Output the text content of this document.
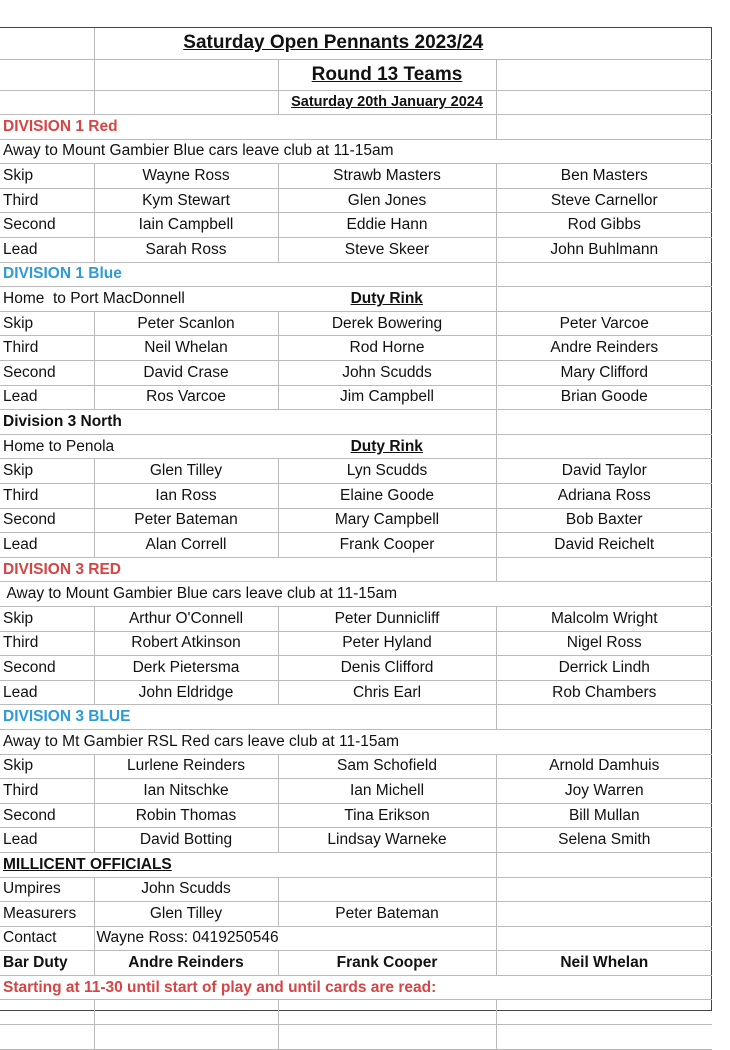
	Saturday Open Pennants 2023/24		
		Round 13 Teams	
		Saturday 20th January 2024	
DIVISION 1 Red			
Away to Mount Gambier Blue cars leave club at 11-15am			
Skip	Wayne Ross	Strawb Masters	Ben Masters
Third	Kym Stewart	Glen Jones	Steve Carnellor
Second	Iain Campbell	Eddie Hann	Rod Gibbs
Lead	Sarah Ross	Steve Skeer	John Buhlmann
DIVISION 1 Blue			
Home  to Port MacDonnell		Duty Rink	
Skip	Peter Scanlon	Derek Bowering	Peter Varcoe
Third	Neil Whelan	Rod Horne	Andre Reinders
Second	David Crase	John Scudds	Mary Clifford
Lead	Ros Varcoe	Jim Campbell	Brian Goode
Division 3 North			
Home to Penola		Duty Rink	
Skip	Glen Tilley	Lyn Scudds	David Taylor
Third	Ian Ross	Elaine Goode	Adriana Ross
Second	Peter Bateman	Mary Campbell	Bob Baxter
Lead	Alan Correll	Frank Cooper	David Reichelt
DIVISION 3 RED			
Away to Mount Gambier Blue cars leave club at 11-15am			
Skip	Arthur O'Connell	Peter Dunnicliff	Malcolm Wright
Third	Robert Atkinson	Peter Hyland	Nigel Ross
Second	Derk Pietersma	Denis Clifford	Derrick Lindh
Lead	John Eldridge	Chris Earl	Rob Chambers
DIVISION 3 BLUE			
Away to Mt Gambier RSL Red cars leave club at 11-15am			
Skip	Lurlene Reinders	Sam Schofield	Arnold Damhuis
Third	Ian Nitschke	Ian Michell	Joy Warren
Second	Robin Thomas	Tina Erikson	Bill Mullan
Lead	David Botting	Lindsay Warneke	Selena Smith
MILLICENT OFFICIALS			
Umpires	John Scudds		
Measurers	Glen Tilley	Peter Bateman	
Contact	Wayne Ross: 0419250546		
Bar Duty	Andre Reinders	Frank Cooper	Neil Whelan
Starting at 11-30 until start of play and until cards are read:			
